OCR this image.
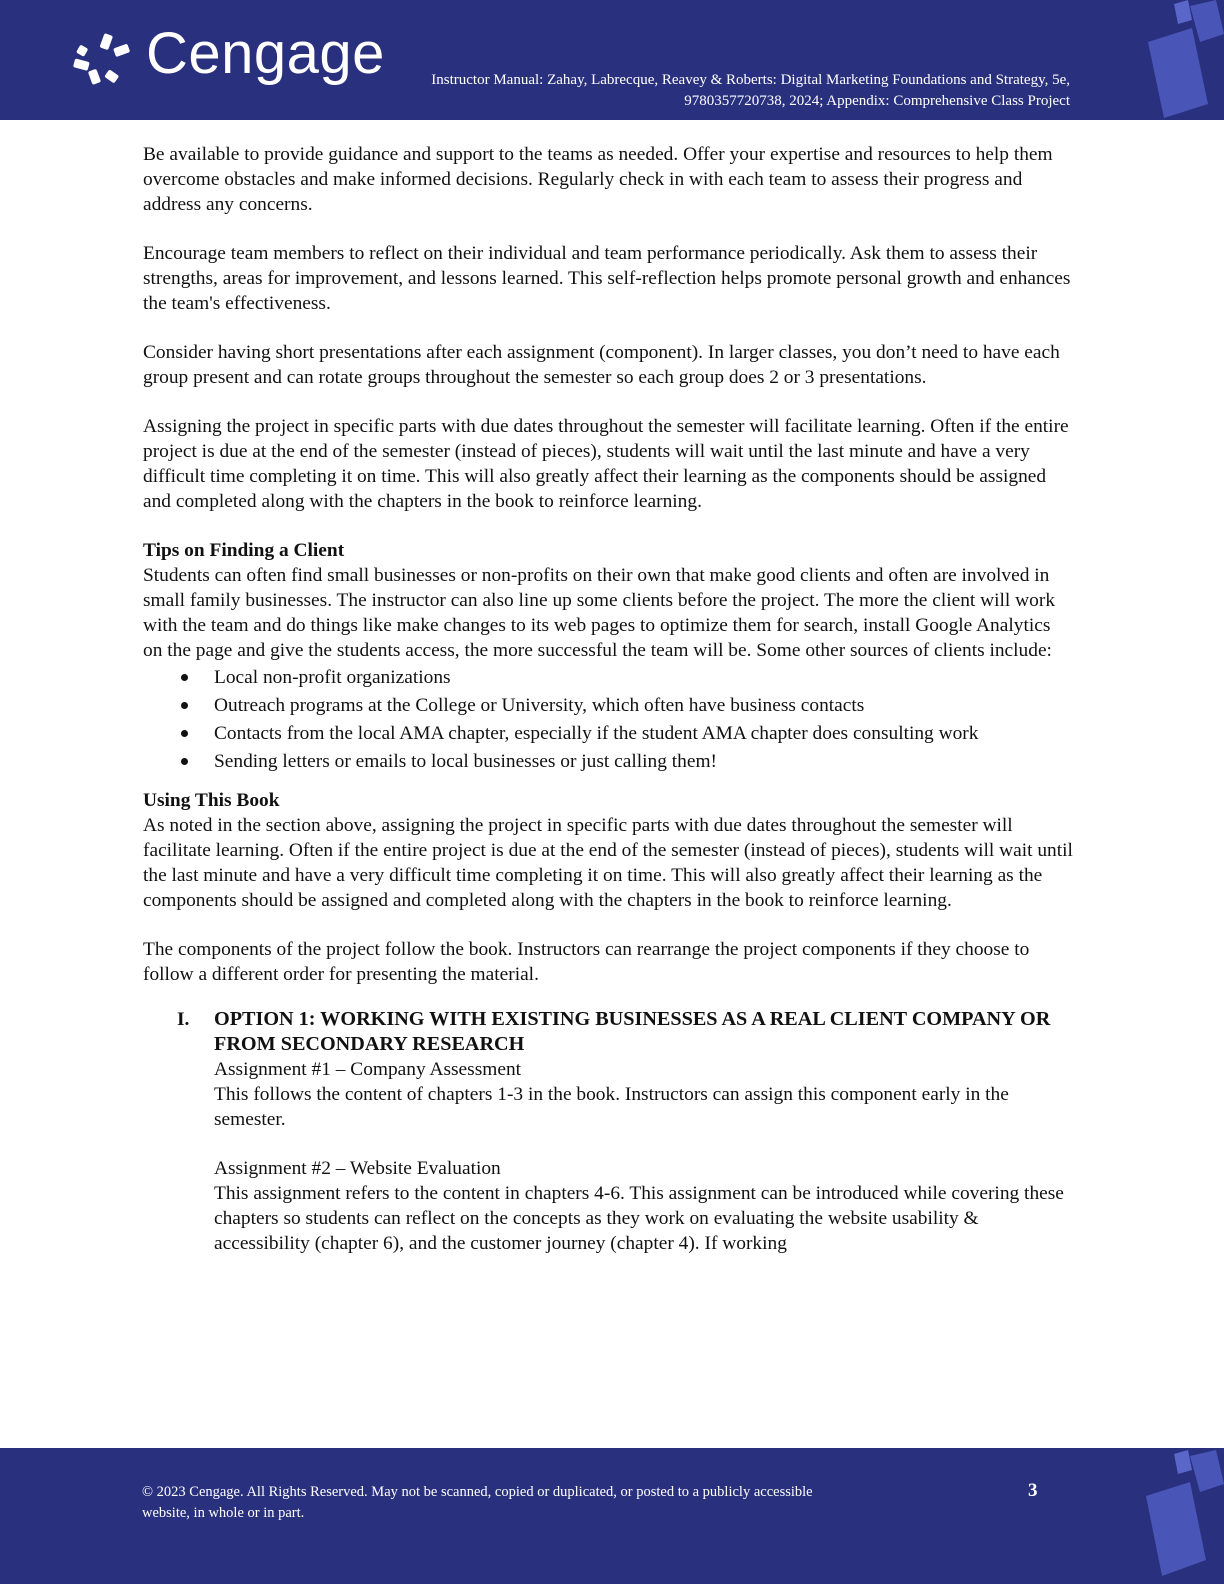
Cengage	Instructor Manual: Zahay, Labrecque, Reavey & Roberts: Digital Marketing Foundations and Strategy, 5e,
9780357720738, 2024; Appendix: Comprehensive Class Project

Be available to provide guidance and support to the teams as needed. Offer your expertise and resources to help them overcome obstacles and make informed decisions. Regularly check in with each team to assess their progress and address any concerns.

Encourage team members to reflect on their individual and team performance periodically. Ask them to assess their strengths, areas for improvement, and lessons learned. This self-reflection helps promote personal growth and enhances the team's effectiveness.

Consider having short presentations after each assignment (component). In larger classes, you don’t need to have each group present and can rotate groups throughout the semester so each group does 2 or 3 presentations.

Assigning the project in specific parts with due dates throughout the semester will facilitate learning. Often if the entire project is due at the end of the semester (instead of pieces), students will wait until the last minute and have a very difficult time completing it on time. This will also greatly affect their learning as the components should be assigned and completed along with the chapters in the book to reinforce learning.

Tips on Finding a Client

Students can often find small businesses or non-profits on their own that make good clients and often are involved in small family businesses. The instructor can also line up some clients before the project. The more the client will work with the team and do things like make changes to its web pages to optimize them for search, install Google Analytics on the page and give the students access, the more successful the team will be. Some other sources of clients include:

Local non-profit organizations
Outreach programs at the College or University, which often have business contacts
Contacts from the local AMA chapter, especially if the student AMA chapter does consulting work
Sending letters or emails to local businesses or just calling them!
Using This Book

As noted in the section above, assigning the project in specific parts with due dates throughout the semester will facilitate learning. Often if the entire project is due at the end of the semester (instead of pieces), students will wait until the last minute and have a very difficult time completing it on time. This will also greatly affect their learning as the components should be assigned and completed along with the chapters in the book to reinforce learning.

The components of the project follow the book. Instructors can rearrange the project components if they choose to follow a different order for presenting the material.

I. OPTION 1: WORKING WITH EXISTING BUSINESSES AS A REAL CLIENT COMPANY OR FROM SECONDARY RESEARCH
Assignment #1 – Company Assessment

This follows the content of chapters 1-3 in the book. Instructors can assign this component early in the semester.

Assignment #2 – Website Evaluation

This assignment refers to the content in chapters 4-6. This assignment can be introduced while covering these chapters so students can reflect on the concepts as they work on evaluating the website usability & accessibility (chapter 6), and the customer journey (chapter 4). If working

© 2023 Cengage. All Rights Reserved. May not be scanned, copied or duplicated, or posted to a publicly accessible website, in whole or in part.
3
